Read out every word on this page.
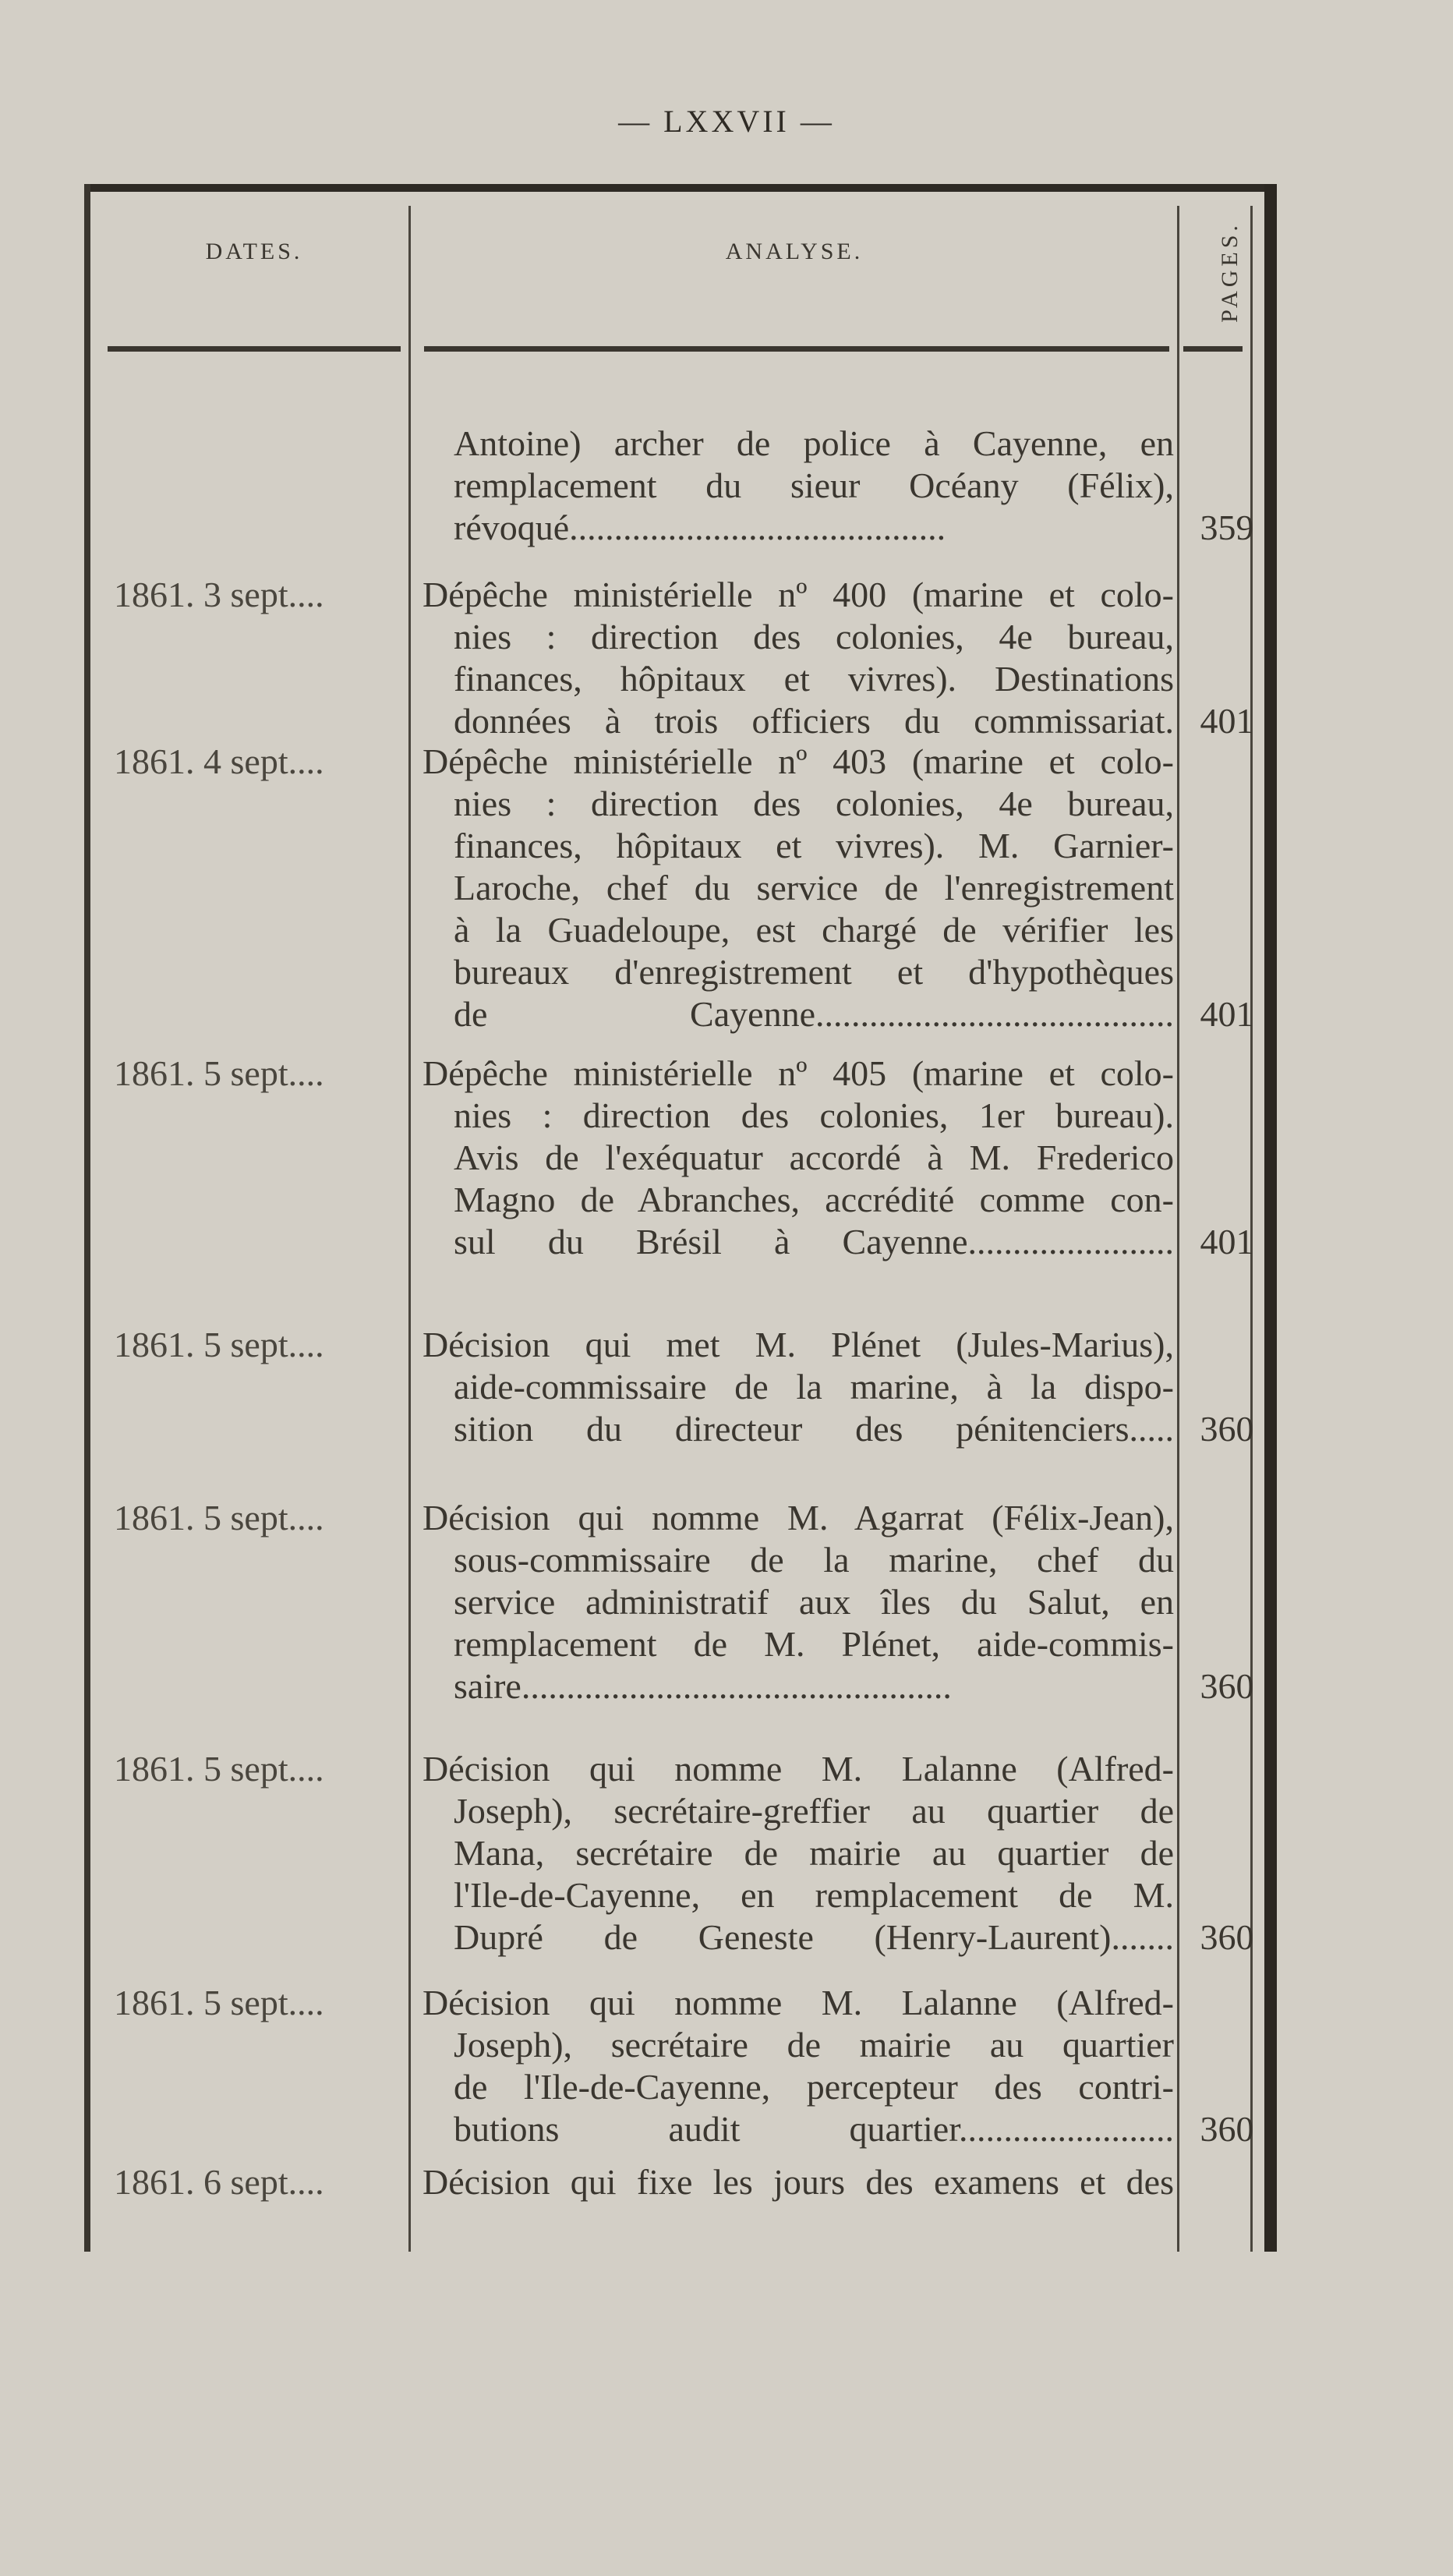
— LXXVII —
DATES.	ANALYSE.	PAGES.
Antoine) archer de police à Cayenne, en
remplacement du sieur Océany (Félix),
révoqué..........................................	359
1861. 3 sept....	Dépêche ministérielle nº 400 (marine et colo-
nies : direction des colonies, 4e bureau,
finances, hôpitaux et vivres). Destinations
données à trois officiers du commissariat. 401
1861. 4 sept....	Dépêche ministérielle nº 403 (marine et colo-
nies : direction des colonies, 4e bureau,
finances, hôpitaux et vivres). M. Garnier-
Laroche, chef du service de l'enregistrement
à la Guadeloupe, est chargé de vérifier les
bureaux d'enregistrement et d'hypothèques
de Cayenne........................................ 401
1861. 5 sept....	Dépêche ministérielle nº 405 (marine et colo-
nies : direction des colonies, 1er bureau).
Avis de l'exéquatur accordé à M. Frederico
Magno de Abranches, accrédité comme con-
sul du Brésil à Cayenne....................... 401
1861. 5 sept....	Décision qui met M. Plénet (Jules-Marius),
aide-commissaire de la marine, à la dispo-
sition du directeur des pénitenciers..... 360
1861. 5 sept....	Décision qui nomme M. Agarrat (Félix-Jean),
sous-commissaire de la marine, chef du
service administratif aux îles du Salut, en
remplacement de M. Plénet, aide-commis-
saire................................................	360
1861. 5 sept....	Décision qui nomme M. Lalanne (Alfred-
Joseph), secrétaire-greffier au quartier de
Mana, secrétaire de mairie au quartier de
l'Ile-de-Cayenne, en remplacement de M.
Dupré de Geneste (Henry-Laurent)....... 360
1861. 5 sept....	Décision qui nomme M. Lalanne (Alfred-
Joseph), secrétaire de mairie au quartier
de l'Ile-de-Cayenne, percepteur des contri-
butions audit quartier........................ 360
1861. 6 sept....	Décision qui fixe les jours des examens et des
